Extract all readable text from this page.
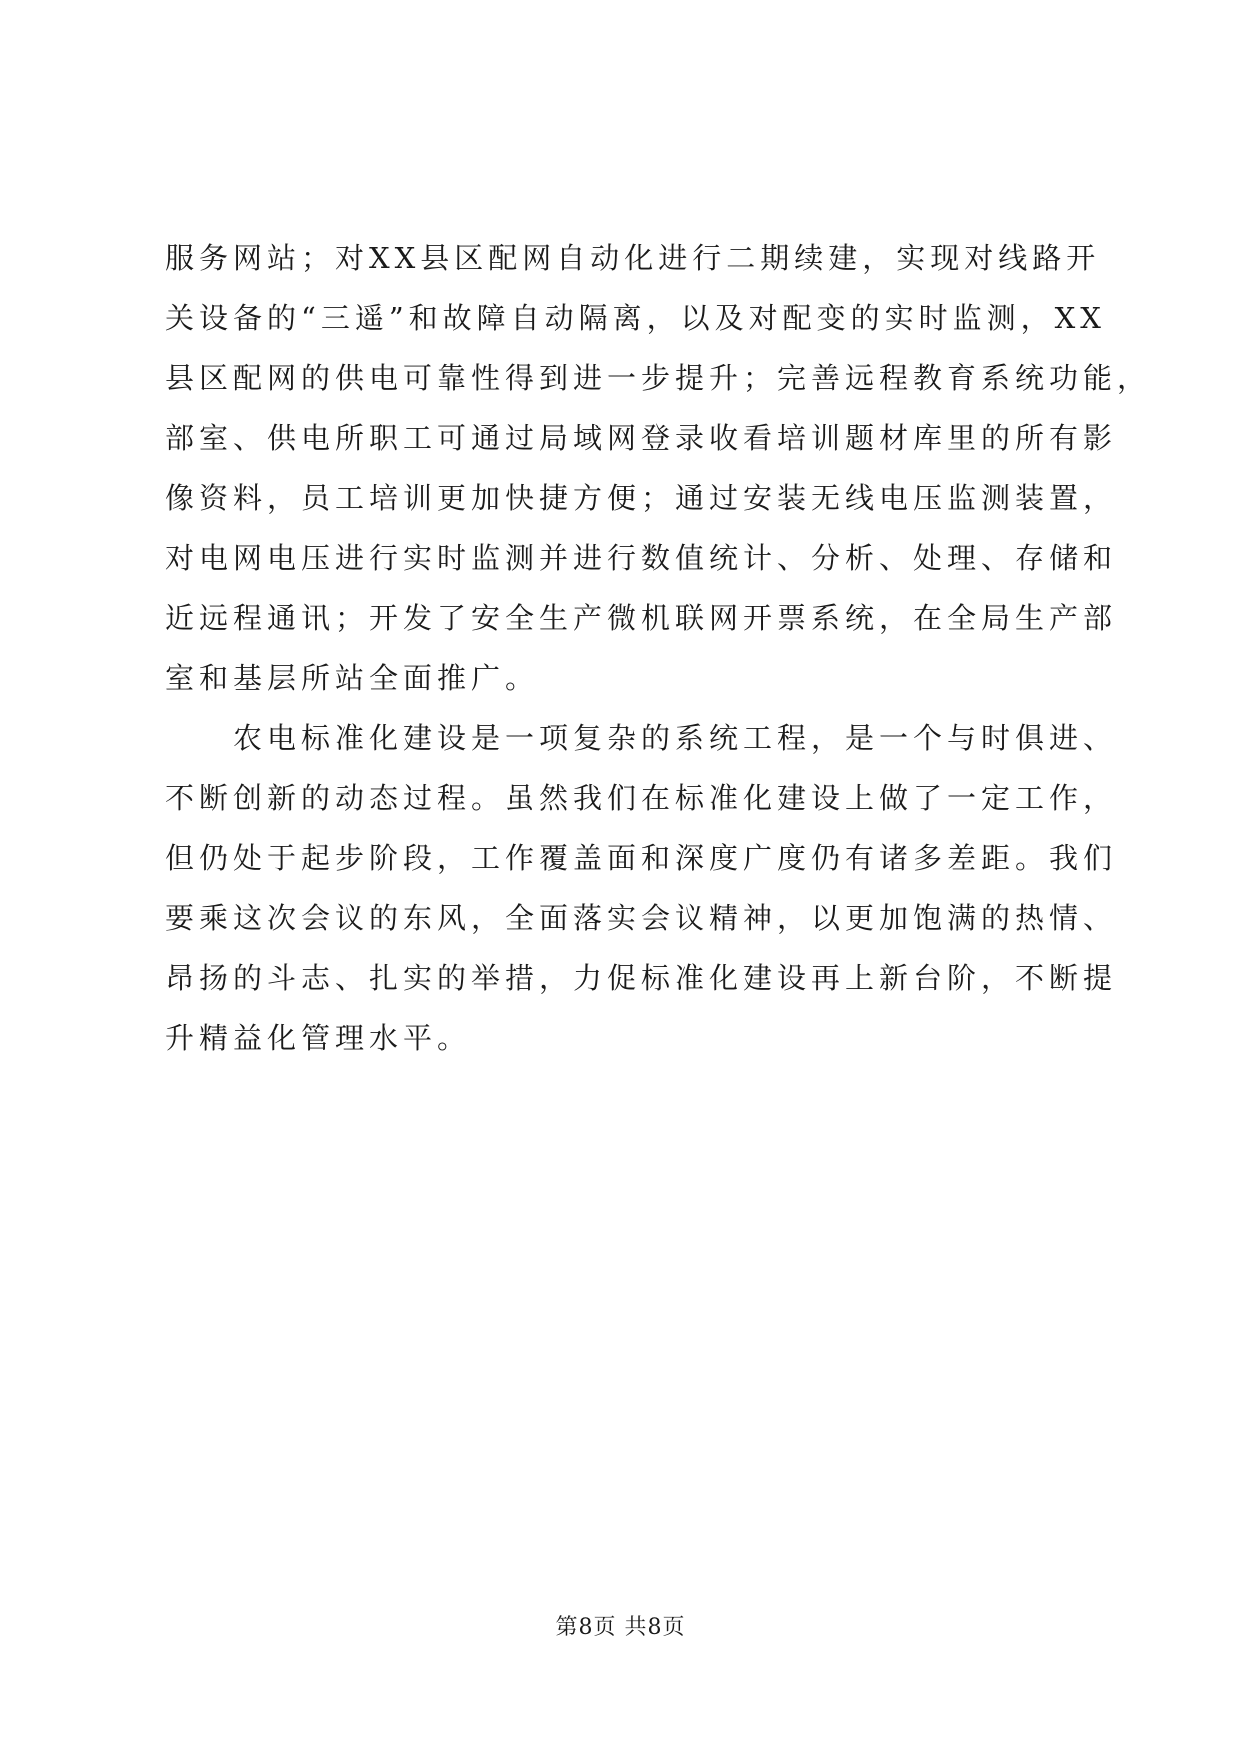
服务网站；对XX县区配网自动化进行二期续建，实现对线路开
关设备的“三遥”和故障自动隔离，以及对配变的实时监测，XX
县区配网的供电可靠性得到进一步提升；完善远程教育系统功能，
部室、供电所职工可通过局域网登录收看培训题材库里的所有影
像资料，员工培训更加快捷方便；通过安装无线电压监测装置，
对电网电压进行实时监测并进行数值统计、分析、处理、存储和
近远程通讯；开发了安全生产微机联网开票系统，在全局生产部
室和基层所站全面推广。
　　农电标准化建设是一项复杂的系统工程，是一个与时俱进、
不断创新的动态过程。虽然我们在标准化建设上做了一定工作，
但仍处于起步阶段，工作覆盖面和深度广度仍有诸多差距。我们
要乘这次会议的东风，全面落实会议精神，以更加饱满的热情、
昂扬的斗志、扎实的举措，力促标准化建设再上新台阶，不断提
升精益化管理水平。
第8页 共8页
